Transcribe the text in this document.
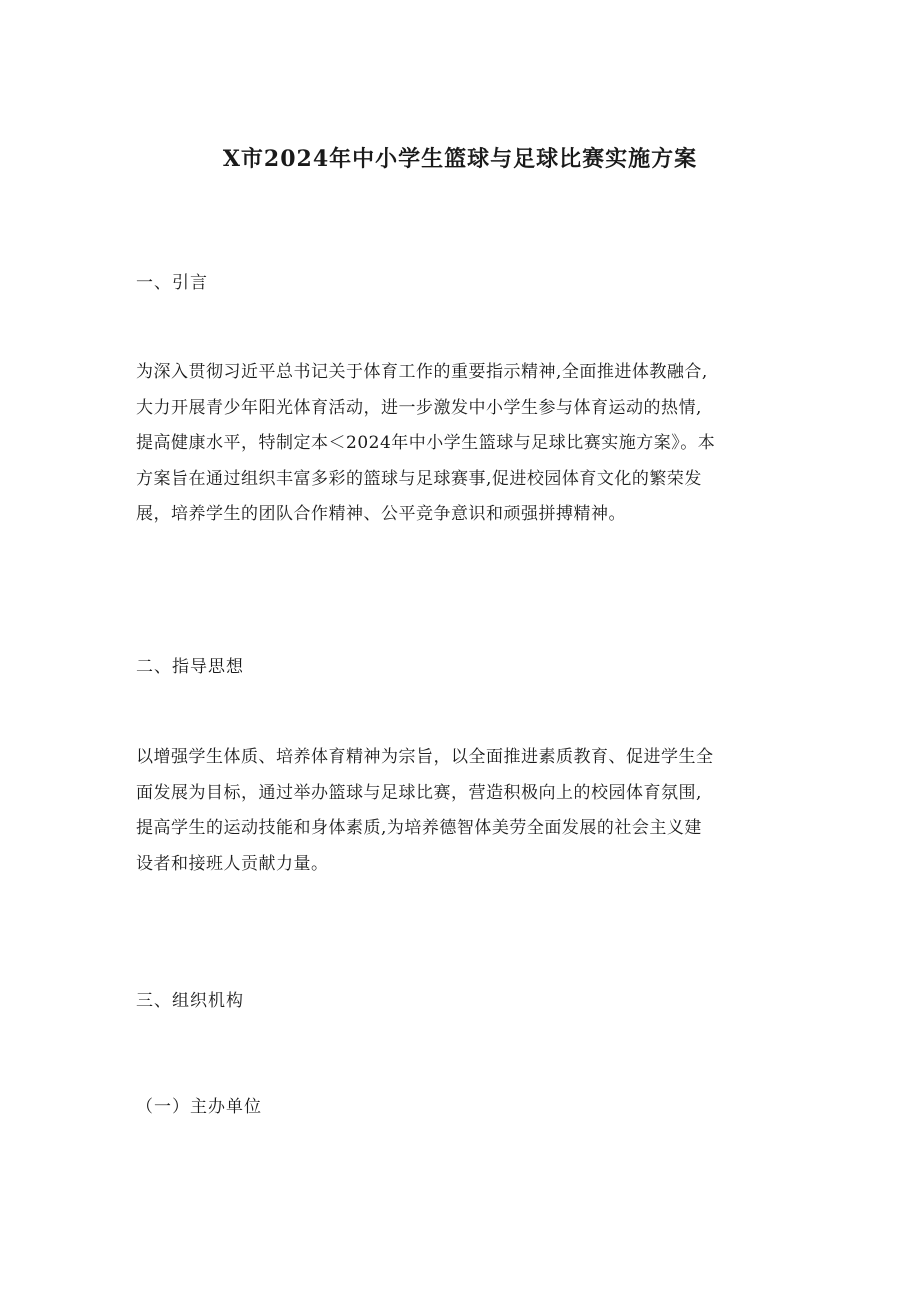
X市2024年中小学生篮球与足球比赛实施方案
一、引言

为深入贯彻习近平总书记关于体育工作的重要指示精神,全面推进体教融合,
大力开展青少年阳光体育活动，进一步激发中小学生参与体育运动的热情,
提高健康水平，特制定本＜2024年中小学生篮球与足球比赛实施方案》。本
方案旨在通过组织丰富多彩的篮球与足球赛事,促进校园体育文化的繁荣发
展，培养学生的团队合作精神、公平竞争意识和顽强拼搏精神。

二、指导思想

以增强学生体质、培养体育精神为宗旨，以全面推进素质教育、促进学生全
面发展为目标，通过举办篮球与足球比赛，营造积极向上的校园体育氛围,
提高学生的运动技能和身体素质,为培养德智体美劳全面发展的社会主义建
设者和接班人贡献力量。

三、组织机构
（一）主办单位
